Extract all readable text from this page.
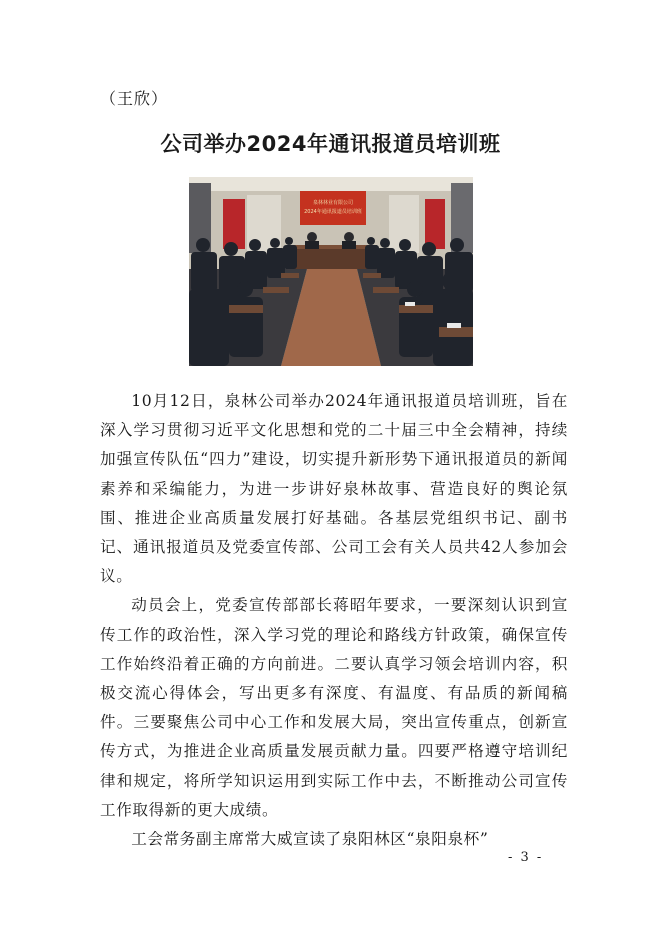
（王欣）
公司举办2024年通讯报道员培训班
泉林林业有限公司
2024年通讯报道员培训班

10月12日，泉林公司举办2024年通讯报道员培训班，旨在深入学习贯彻习近平文化思想和党的二十届三中全会精神，持续加强宣传队伍“四力”建设，切实提升新形势下通讯报道员的新闻素养和采编能力，为进一步讲好泉林故事、营造良好的舆论氛围、推进企业高质量发展打好基础。各基层党组织书记、副书记、通讯报道员及党委宣传部、公司工会有关人员共42人参加会议。

动员会上，党委宣传部部长蒋昭年要求，一要深刻认识到宣传工作的政治性，深入学习党的理论和路线方针政策，确保宣传工作始终沿着正确的方向前进。二要认真学习领会培训内容，积极交流心得体会，写出更多有深度、有温度、有品质的新闻稿件。三要聚焦公司中心工作和发展大局，突出宣传重点，创新宣传方式，为推进企业高质量发展贡献力量。四要严格遵守培训纪律和规定，将所学知识运用到实际工作中去，不断推动公司宣传工作取得新的更大成绩。

工会常务副主席常大威宣读了泉阳林区“泉阳泉杯”

- 3 -
